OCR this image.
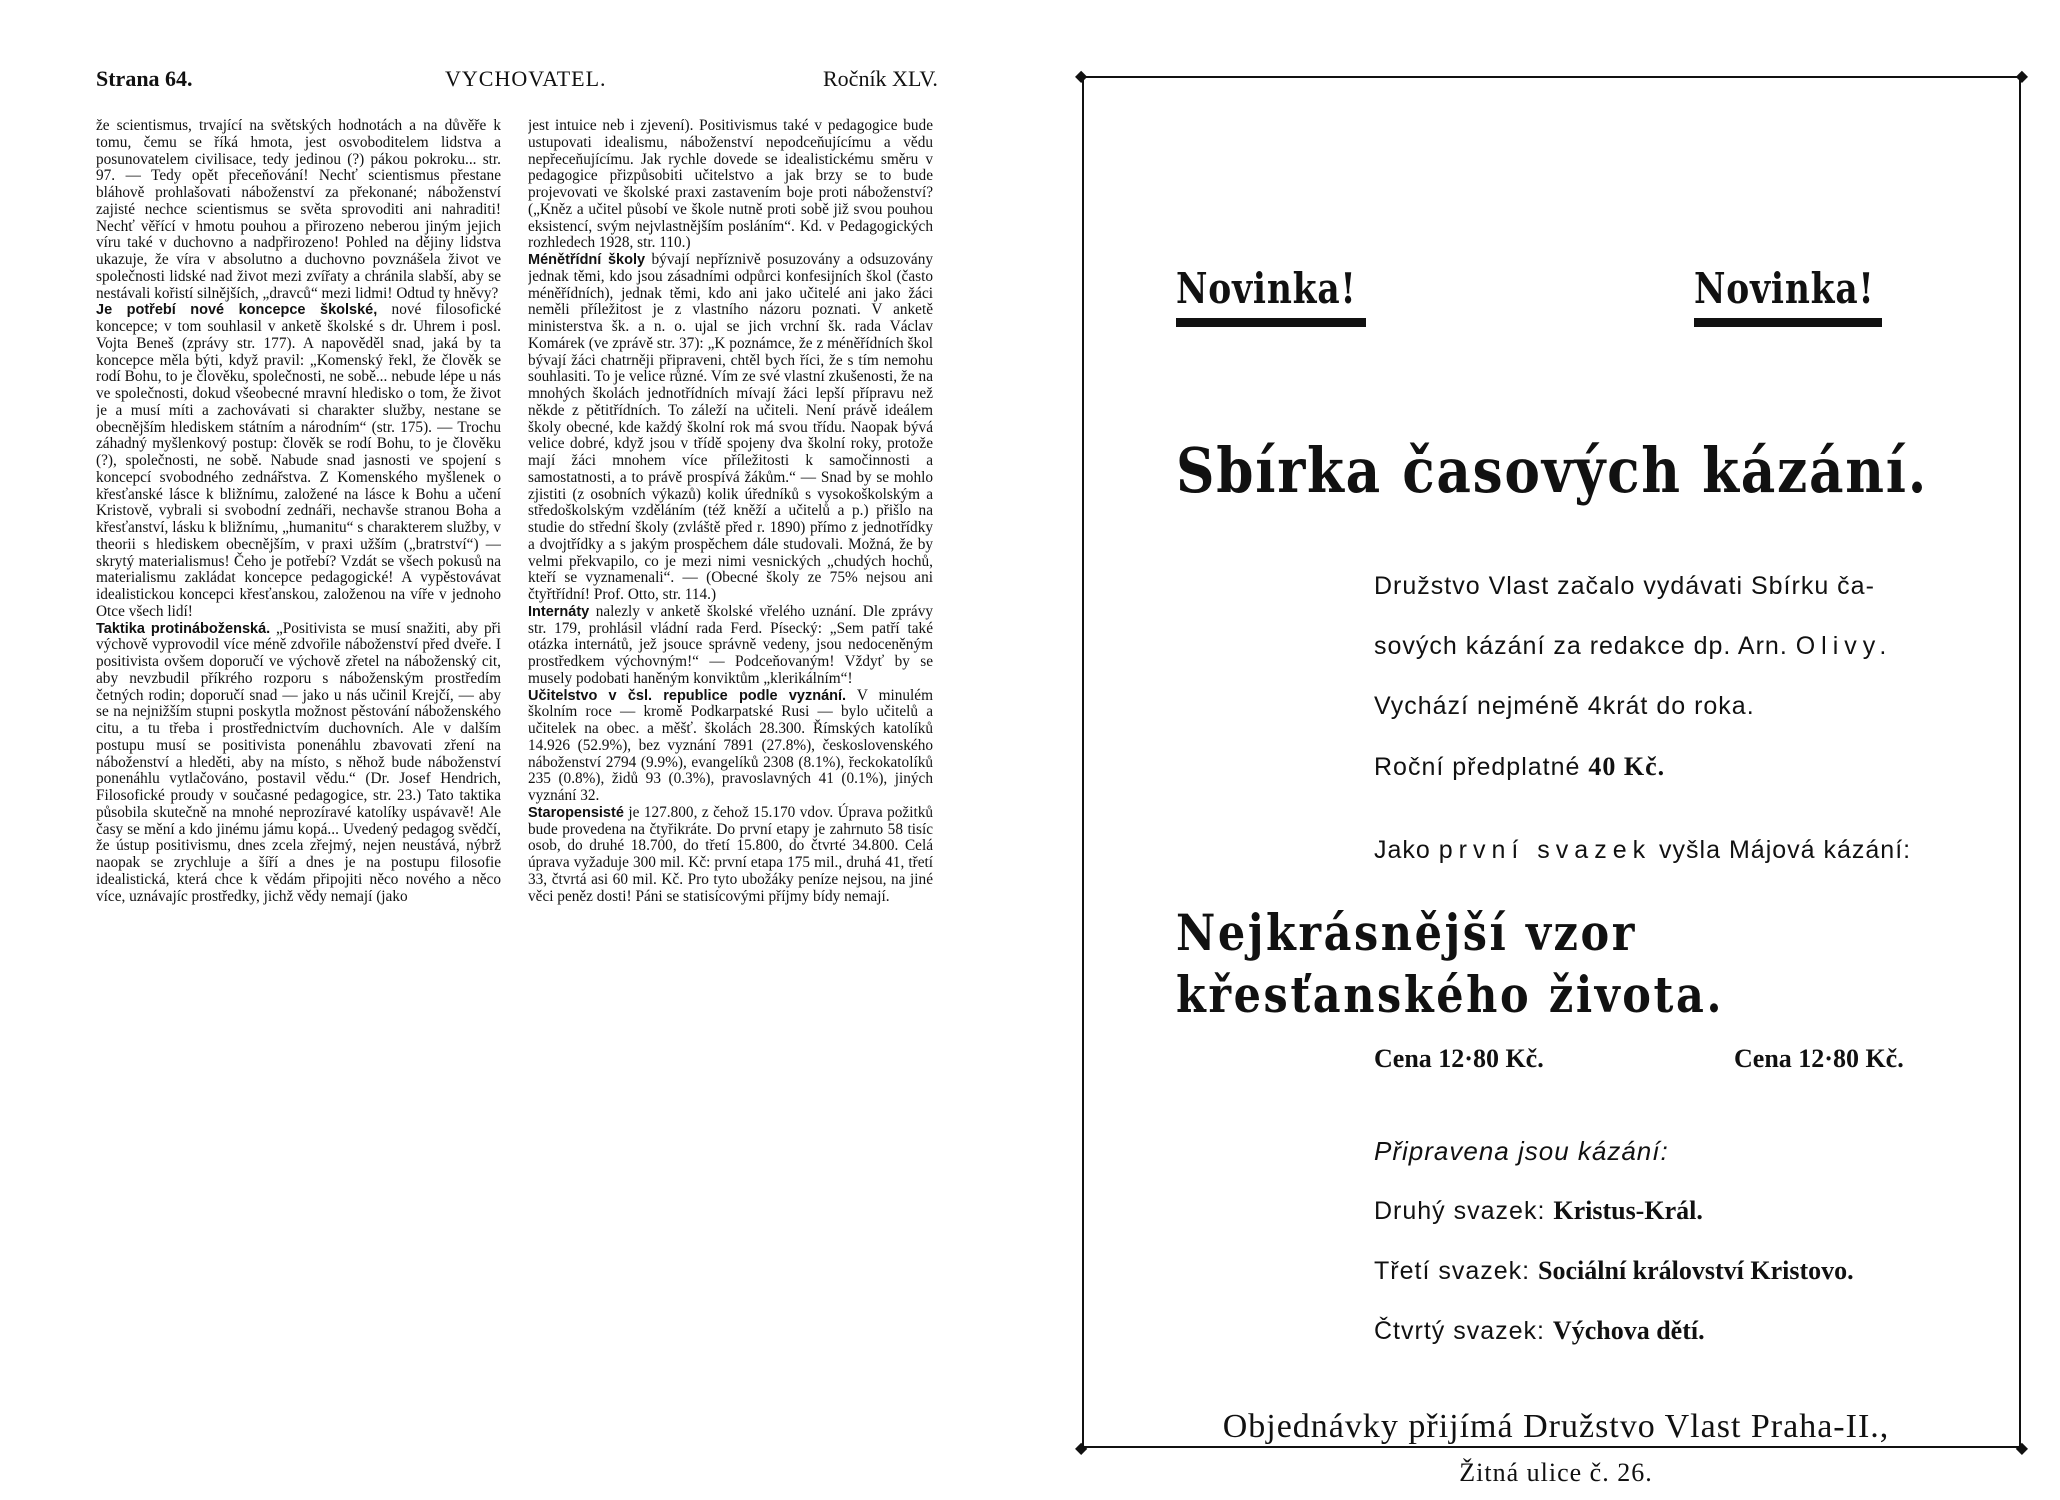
Strana 64.	VYCHOVATEL.	Ročník XLV.

že scientismus, trvající na světských hodnotách a na důvěře k tomu, čemu se říká hmota, jest osvoboditelem lidstva a posunovatelem civilisace, tedy jedinou (?) pákou pokroku... str. 97. — Tedy opět přeceňování! Nechť scientismus přestane bláhově prohlašovati náboženství za překonané; náboženství zajisté nechce scientismus se světa sprovoditi ani nahraditi! Nechť věřící v hmotu pouhou a přirozeno neberou jiným jejich víru také v duchovno a nadpřirozeno! Pohled na dějiny lidstva ukazuje, že víra v absolutno a duchovno povznášela život ve společnosti lidské nad život mezi zvířaty a chránila slabší, aby se nestávali kořistí silnějších, „dravců“ mezi lidmi! Odtud ty hněvy?

Je potřebí nové koncepce školské, nové filosofické koncepce; v tom souhlasil v anketě školské s dr. Uhrem i posl. Vojta Beneš (zprávy str. 177). A napověděl snad, jaká by ta koncepce měla býti, když pravil: „Komenský řekl, že člověk se rodí Bohu, to je člověku, společnosti, ne sobě... nebude lépe u nás ve společnosti, dokud všeobecné mravní hledisko o tom, že život je a musí míti a zachovávati si charakter služby, nestane se obecnějším hlediskem státním a národním“ (str. 175). — Trochu záhadný myšlenkový postup: člověk se rodí Bohu, to je člověku (?), společnosti, ne sobě. Nabude snad jasnosti ve spojení s koncepcí svobodného zednářstva. Z Komenského myšlenek o křesťanské lásce k bližnímu, založené na lásce k Bohu a učení Kristově, vybrali si svobodní zednáři, nechavše stranou Boha a křesťanství, lásku k bližnímu, „humanitu“ s charakterem služby, v theorii s hlediskem obecnějším, v praxi užším („bratrství“) — skrytý materialismus! Čeho je potřebí? Vzdát se všech pokusů na materialismu zakládat koncepce pedagogické! A vypěstovávat idealistickou koncepci křesťanskou, založenou na víře v jednoho Otce všech lidí!

Taktika protináboženská. „Positivista se musí snažiti, aby při výchově vyprovodil více méně zdvořile náboženství před dveře. I positivista ovšem doporučí ve výchově zřetel na náboženský cit, aby nevzbudil příkrého rozporu s náboženským prostředím četných rodin; doporučí snad — jako u nás učinil Krejčí, — aby se na nejnižším stupni poskytla možnost pěstování náboženského citu, a tu třeba i prostřednictvím duchovních. Ale v dalším postupu musí se positivista ponenáhlu zbavovati zření na náboženství a hleděti, aby na místo, s něhož bude náboženství ponenáhlu vytlačováno, postavil vědu.“ (Dr. Josef Hendrich, Filosofické proudy v současné pedagogice, str. 23.) Tato taktika působila skutečně na mnohé neprozíravé katolíky uspávavě! Ale časy se mění a kdo jinému jámu kopá... Uvedený pedagog svědčí, že ústup positivismu, dnes zcela zřejmý, nejen neustává, nýbrž naopak se zrychluje a šíří a dnes je na postupu filosofie idealistická, která chce k vědám připojiti něco nového a něco více, uznávajíc prostředky, jichž vědy nemají (jako

jest intuice neb i zjevení). Positivismus také v pedagogice bude ustupovati idealismu, náboženství nepodceňujícímu a vědu nepřeceňujícímu. Jak rychle dovede se idealistickému směru v pedagogice přizpůsobiti učitelstvo a jak brzy se to bude projevovati ve školské praxi zastavením boje proti náboženství? („Kněz a učitel působí ve škole nutně proti sobě již svou pouhou eksistencí, svým nejvlastnějším posláním“. Kd. v Pedagogických rozhledech 1928, str. 110.)

Ménětřídní školy bývají nepříznivě posuzovány a odsuzovány jednak těmi, kdo jsou zásadními odpůrci konfesijních škol (často méněřídních), jednak těmi, kdo ani jako učitelé ani jako žáci neměli příležitost je z vlastního názoru poznati. V anketě ministerstva šk. a n. o. ujal se jich vrchní šk. rada Václav Komárek (ve zprávě str. 37): „K poznámce, že z méněřídních škol bývají žáci chatrněji připraveni, chtěl bych říci, že s tím nemohu souhlasiti. To je velice různé. Vím ze své vlastní zkušenosti, že na mnohých školách jednotřídních mívají žáci lepší přípravu než někde z pětitřídních. To záleží na učiteli. Není právě ideálem školy obecné, kde každý školní rok má svou třídu. Naopak bývá velice dobré, když jsou v třídě spojeny dva školní roky, protože mají žáci mnohem více příležitosti k samočinnosti a samostatnosti, a to právě prospívá žákům.“ — Snad by se mohlo zjistiti (z osobních výkazů) kolik úředníků s vysokoškolským a středoškolským vzděláním (též kněží a učitelů a p.) přišlo na studie do střední školy (zvláště před r. 1890) přímo z jednotřídky a dvojtřídky a s jakým prospěchem dále studovali. Možná, že by velmi překvapilo, co je mezi nimi vesnických „chudých hochů, kteří se vyznamenali“. — (Obecné školy ze 75% nejsou ani čtyřtřídní! Prof. Otto, str. 114.)

Internáty nalezly v anketě školské vřelého uznání. Dle zprávy str. 179, prohlásil vládní rada Ferd. Písecký: „Sem patří také otázka internátů, jež jsouce správně vedeny, jsou nedoceněným prostředkem výchovným!“ — Podceňovaným! Vždyť by se musely podobati haněným konviktům „klerikálním“!

Učitelstvo v čsl. republice podle vyznání. V minulém školním roce — kromě Podkarpatské Rusi — bylo učitelů a učitelek na obec. a měšť. školách 28.300. Římských katolíků 14.926 (52.9%), bez vyznání 7891 (27.8%), československého náboženství 2794 (9.9%), evangelíků 2308 (8.1%), řeckokatolíků 235 (0.8%), židů 93 (0.3%), pravoslavných 41 (0.1%), jiných vyznání 32.

Staropensisté je 127.800, z čehož 15.170 vdov. Úprava požitků bude provedena na čtyřikráte. Do první etapy je zahrnuto 58 tisíc osob, do druhé 18.700, do třetí 15.800, do čtvrté 34.800. Celá úprava vyžaduje 300 mil. Kč: první etapa 175 mil., druhá 41, třetí 33, čtvrtá asi 60 mil. Kč. Pro tyto ubožáky peníze nejsou, na jiné věci peněz dosti! Páni se statisícovými příjmy bídy nemají.

◆	◆
◆	◆
Novinka!	Novinka!
Sbírka časových kázání.
Družstvo Vlast začalo vydávati Sbírku ča-
sových kázání za redakce dp. Arn. Olivy.
Vychází nejméně 4krát do roka.
Roční předplatné 40 Kč.
Jako první svazek vyšla Májová kázání:
Nejkrásnější vzor křesťanského života.
Cena 12·80 Kč.	Cena 12·80 Kč.
Připravena jsou kázání:
Druhý svazek: Kristus-Král.
Třetí svazek: Sociální království Kristovo.
Čtvrtý svazek: Výchova dětí.
Objednávky přijímá Družstvo Vlast Praha-II.,
Žitná ulice č. 26.
